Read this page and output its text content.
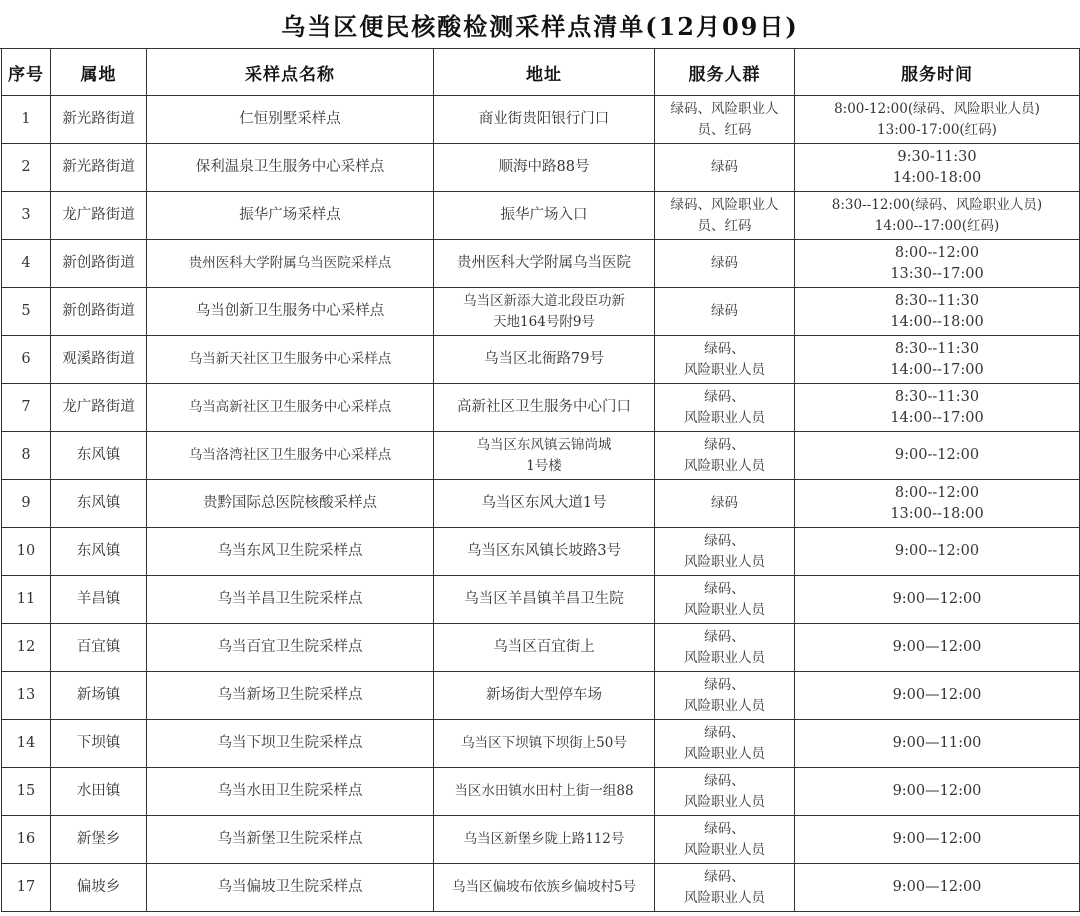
乌当区便民核酸检测采样点清单(12月09日)
序号	属地	采样点名称	地址	服务人群	服务时间
1	新光路街道	仁恒别墅采样点	商业街贵阳银行门口	绿码、风险职业人
员、红码	8:00-12:00(绿码、风险职业人员)
13:00-17:00(红码)

2	新光路街道	保利温泉卫生服务中心采样点	顺海中路88号	绿码	9:30-11:30
14:00-18:00

3	龙广路街道	振华广场采样点	振华广场入口	绿码、风险职业人
员、红码	8:30--12:00(绿码、风险职业人员)
14:00--17:00(红码)

4	新创路街道	贵州医科大学附属乌当医院采样点	贵州医科大学附属乌当医院	绿码	8:00--12:00
13:30--17:00

5	新创路街道	乌当创新卫生服务中心采样点	乌当区新添大道北段臣功新
天地164号附9号	绿码	8:30--11:30
14:00--18:00

6	观溪路街道	乌当新天社区卫生服务中心采样点	乌当区北衙路79号	绿码、
风险职业人员	8:30--11:30
14:00--17:00

7	龙广路街道	乌当高新社区卫生服务中心采样点	高新社区卫生服务中心门口	绿码、
风险职业人员	8:30--11:30
14:00--17:00

8	东风镇	乌当洛湾社区卫生服务中心采样点	乌当区东风镇云锦尚城
1号楼	绿码、
风险职业人员	9:00--12:00

9	东风镇	贵黔国际总医院核酸采样点	乌当区东风大道1号	绿码	8:00--12:00
13:00--18:00

10	东风镇	乌当东风卫生院采样点	乌当区东风镇长坡路3号	绿码、
风险职业人员	9:00--12:00

11	羊昌镇	乌当羊昌卫生院采样点	乌当区羊昌镇羊昌卫生院	绿码、
风险职业人员	9:00—12:00

12	百宜镇	乌当百宜卫生院采样点	乌当区百宜街上	绿码、
风险职业人员	9:00—12:00

13	新场镇	乌当新场卫生院采样点	新场街大型停车场	绿码、
风险职业人员	9:00—12:00

14	下坝镇	乌当下坝卫生院采样点	乌当区下坝镇下坝街上50号	绿码、
风险职业人员	9:00—11:00

15	水田镇	乌当水田卫生院采样点	当区水田镇水田村上街一组88	绿码、
风险职业人员	9:00—12:00

16	新堡乡	乌当新堡卫生院采样点	乌当区新堡乡陇上路112号	绿码、
风险职业人员	9:00—12:00

17	偏坡乡	乌当偏坡卫生院采样点	乌当区偏坡布依族乡偏坡村5号	绿码、
风险职业人员	9:00—12:00
